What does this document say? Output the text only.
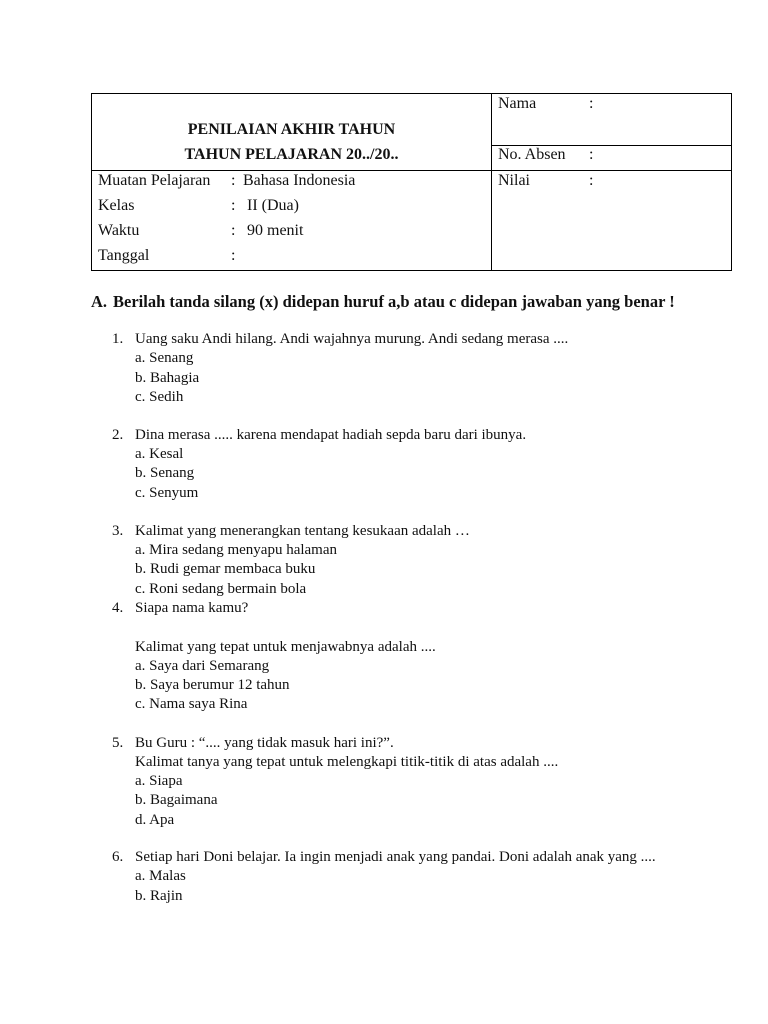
PENILAIAN AKHIR TAHUN
TAHUN PELAJARAN 20../20..
Nama	:
No. Absen :
Nilai	:
Muatan Pelajaran : Bahasa Indonesia
Kelas	: II (Dua)
Waktu	: 90 menit
Tanggal	:
A. Berilah tanda silang (x) didepan huruf a,b atau c didepan jawaban yang benar !
1. Uang saku Andi hilang. Andi wajahnya murung. Andi sedang merasa ....
a. Senang
b. Bahagia
c. Sedih
2. Dina merasa ..... karena mendapat hadiah sepda baru dari ibunya.
a. Kesal
b. Senang
c. Senyum
3. Kalimat yang menerangkan tentang kesukaan adalah …
a. Mira sedang menyapu halaman
b. Rudi gemar membaca buku
c. Roni sedang bermain bola
4. Siapa nama kamu?
Kalimat yang tepat untuk menjawabnya adalah ....
a. Saya dari Semarang
b. Saya berumur 12 tahun
c. Nama saya Rina
5. Bu Guru : “.... yang tidak masuk hari ini?”.
Kalimat tanya yang tepat untuk melengkapi titik-titik di atas adalah ....
a. Siapa
b. Bagaimana
d. Apa
6. Setiap hari Doni belajar. Ia ingin menjadi anak yang pandai. Doni adalah anak yang ....
a. Malas
b. Rajin
